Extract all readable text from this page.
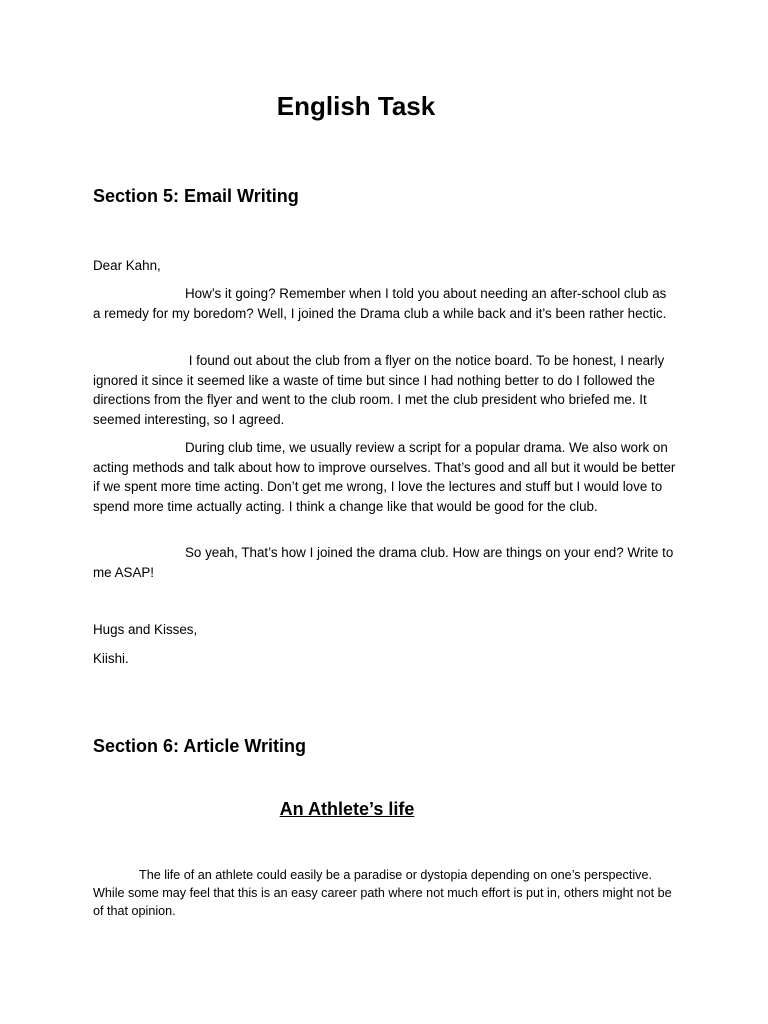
English Task
Section 5: Email Writing

Dear Kahn,

How’s it going? Remember when I told you about needing an after-school club as a remedy for my boredom? Well, I joined the Drama club a while back and it’s been rather hectic.

I found out about the club from a flyer on the notice board. To be honest, I nearly ignored it since it seemed like a waste of time but since I had nothing better to do I followed the directions from the flyer and went to the club room. I met the club president who briefed me. It seemed interesting, so I agreed.

During club time, we usually review a script for a popular drama. We also work on acting methods and talk about how to improve ourselves. That’s good and all but it would be better if we spent more time acting. Don’t get me wrong, I love the lectures and stuff but I would love to spend more time actually acting. I think a change like that would be good for the club.

So yeah, That’s how I joined the drama club. How are things on your end? Write to me ASAP!

Hugs and Kisses,

Kiishi.

Section 6: Article Writing
An Athlete’s life

The life of an athlete could easily be a paradise or dystopia depending on one’s perspective. While some may feel that this is an easy career path where not much effort is put in, others might not be of that opinion.
